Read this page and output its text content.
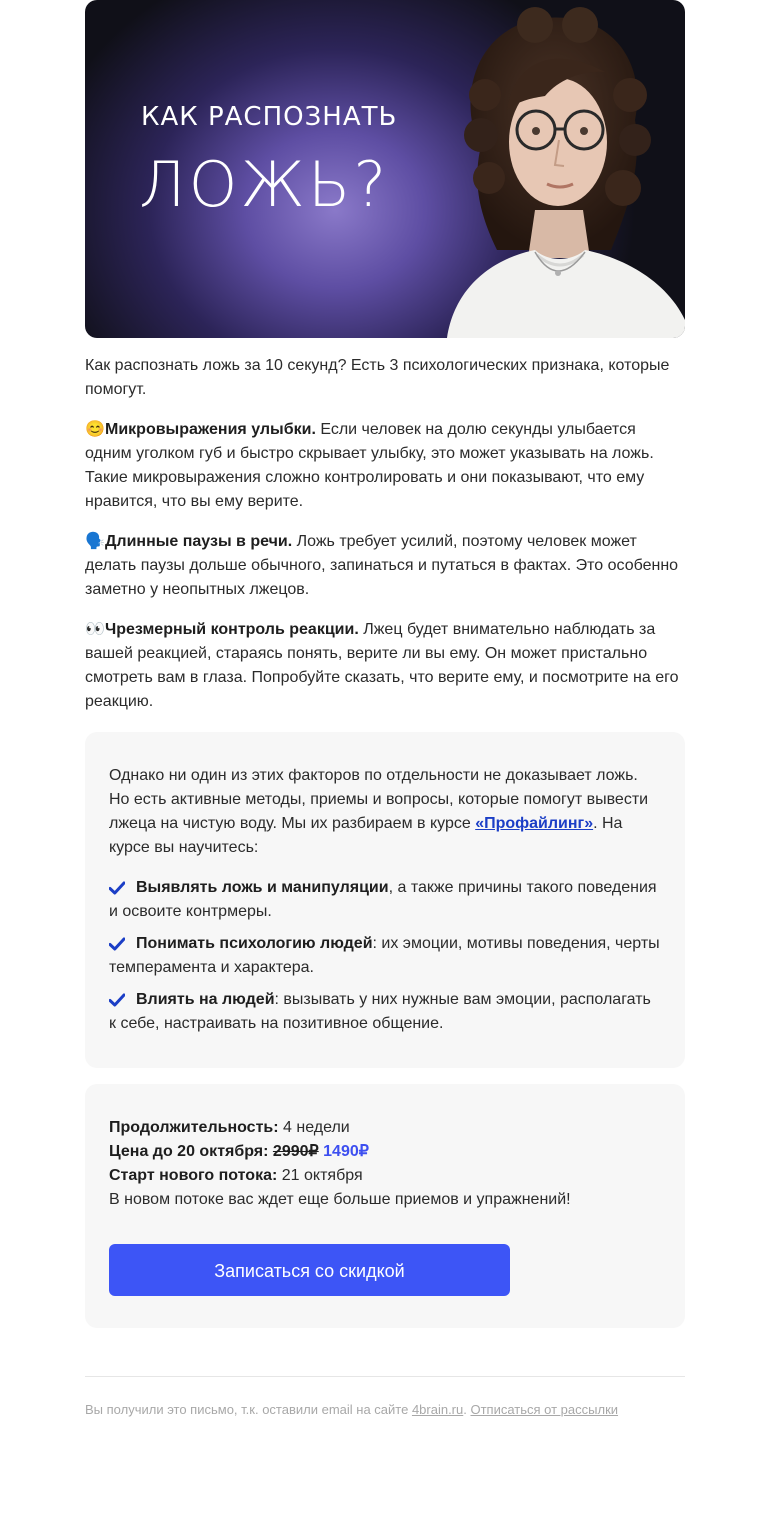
КАК РАСПОЗНАТЬ
ЛОЖЬ?

Как распознать ложь за 10 секунд? Есть 3 психологических признака, которые помогут.

😊Микровыражения улыбки. Если человек на долю секунды улыбается одним уголком губ и быстро скрывает улыбку, это может указывать на ложь. Такие микровыражения сложно контролировать и они показывают, что ему нравится, что вы ему верите.

🗣️Длинные паузы в речи. Ложь требует усилий, поэтому человек может делать паузы дольше обычного, запинаться и путаться в фактах. Это особенно заметно у неопытных лжецов.

👀Чрезмерный контроль реакции. Лжец будет внимательно наблюдать за вашей реакцией, стараясь понять, верите ли вы ему. Он может пристально смотреть вам в глаза. Попробуйте сказать, что верите ему, и посмотрите на его реакцию.

Однако ни один из этих факторов по отдельности не доказывает ложь. Но есть активные методы, приемы и вопросы, которые помогут вывести лжеца на чистую воду. Мы их разбираем в курсе «Профайлинг». На курсе вы научитесь:

Выявлять ложь и манипуляции, а также причины такого поведения и освоите контрмеры.
Понимать психологию людей: их эмоции, мотивы поведения, черты темперамента и характера.
Влиять на людей: вызывать у них нужные вам эмоции, располагать к себе, настраивать на позитивное общение.

Продолжительность: 4 недели

Цена до 20 октября: 2990₽ 1490₽

Старт нового потока: 21 октября

В новом потоке вас ждет еще больше приемов и упражнений!

Записаться со скидкой
Вы получили это письмо, т.к. оставили email на сайте 4brain.ru. Отписаться от рассылки
